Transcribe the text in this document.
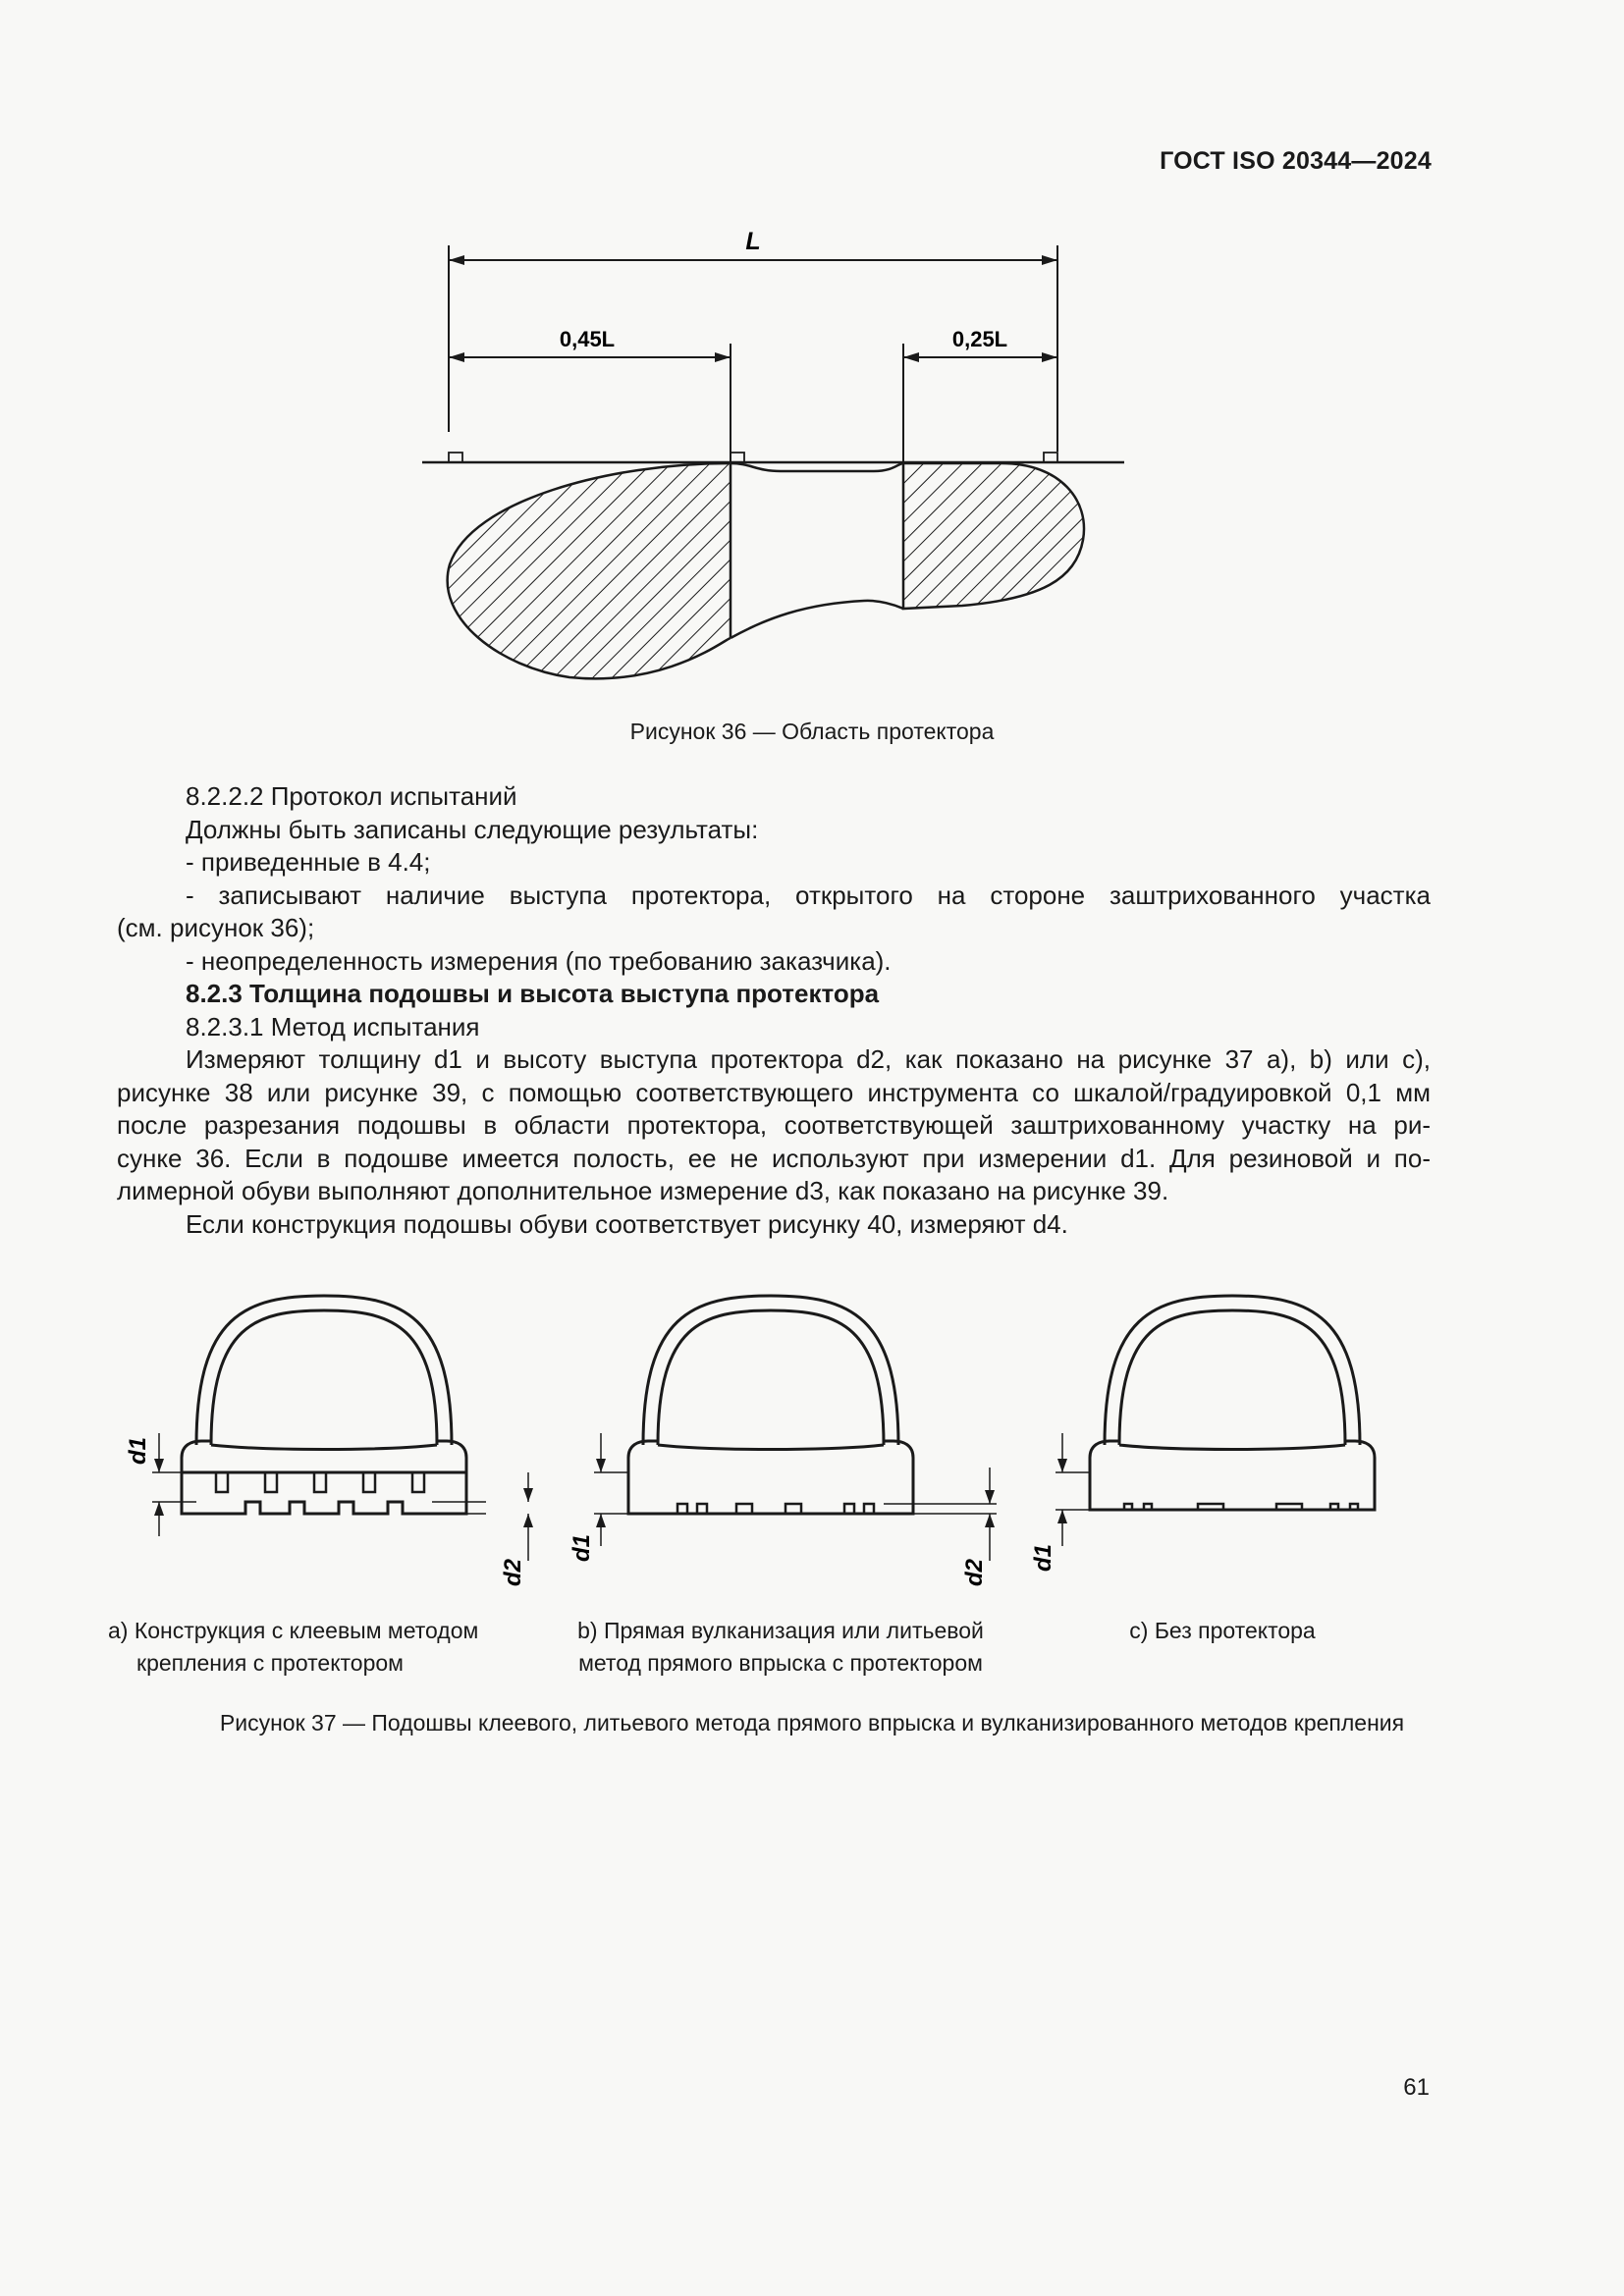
ГОСТ ISO 20344—2024
L
0,45L	0,25L
Рисунок 36 — Область протектора

8.2.2.2 Протокол испытаний

Должны быть записаны следующие результаты:

- приведенные в 4.4;

- записывают наличие выступа протектора, открытого на стороне заштрихованного участка

(см. рисунок 36);

- неопределенность измерения (по требованию заказчика).

8.2.3 Толщина подошвы и высота выступа протектора

8.2.3.1 Метод испытания

Измеряют толщину d1 и высоту выступа протектора d2, как показано на рисунке 37 а), b) или с),

рисунке 38 или рисунке 39, с помощью соответствующего инструмента со шкалой/градуировкой 0,1 мм

после разрезания подошвы в области протектора, соответствующей заштрихованному участку на ри-

сунке 36. Если в подошве имеется полость, ее не используют при измерении d1. Для резиновой и по-

лимерной обуви выполняют дополнительное измерение d3, как показано на рисунке 39.

Если конструкция подошвы обуви соответствует рисунку 40, измеряют d4.

d1
d2
d1
d2
d1
а) Конструкция с клеевым методом
крепления с протектором
b) Прямая вулканизация или литьевой
метод прямого впрыска с протектором
с) Без протектора
Рисунок 37 — Подошвы клеевого, литьевого метода прямого впрыска и вулканизированного методов крепления
61
